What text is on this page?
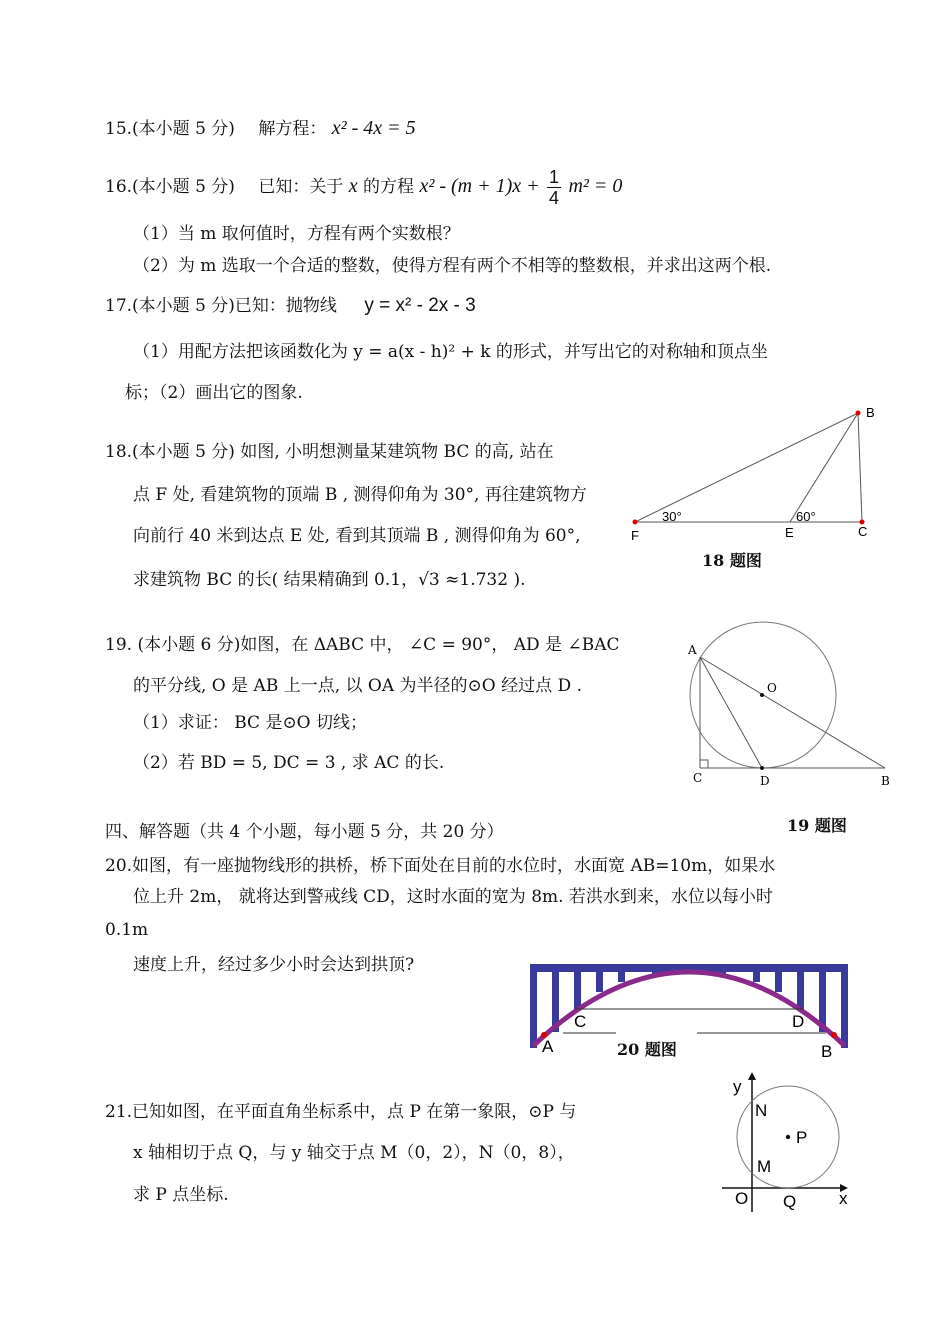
15.(本小题 5 分) 解方程： x² - 4x = 5
16.(本小题 5 分) 已知：关于 x 的方程 $x^2 - (m + 1)x + \frac{1}{4} m^2 = 0$
（1）当 m 取何值时，方程有两个实数根？
（2）为 m 选取一个合适的整数，使得方程有两个不相等的整数根，并求出这两个根.
17.(本小题 5 分)已知：抛物线 y = x² - 2x - 3
（1）用配方法把该函数化为 y = a(x - h)² + k 的形式，并写出它的对称轴和顶点坐
标；（2）画出它的图象.
18.(本小题 5 分) 如图, 小明想测量某建筑物 BC 的高, 站在
点 F 处, 看建筑物的顶端 B , 测得仰角为 30°, 再往建筑物方
向前行 40 米到达点 E 处, 看到其顶端 B , 测得仰角为 60°,
求建筑物 BC 的长( 结果精确到 0.1，√3 ≈1.732 ).
B
F	E	C
30°	60°
18 题图
19. (本小题 6 分)如图，在 ΔABC 中， ∠C = 90°， AD 是 ∠BAC
的平分线, O 是 AB 上一点, 以 OA 为半径的⊙O 经过点 D .
（1）求证： BC 是⊙O 切线；
（2）若 BD = 5, DC = 3 , 求 AC 的长.
A
O
C	D	B
19 题图
四、解答题（共 4 个小题，每小题 5 分，共 20 分）
20.如图，有一座抛物线形的拱桥，桥下面处在目前的水位时，水面宽 AB=10m，如果水
位上升 2m， 就将达到警戒线 CD，这时水面的宽为 8m. 若洪水到来，水位以每小时
0.1m
速度上升，经过多少小时会达到拱顶?
C	D
A	B
20 题图
21.已知如图，在平面直角坐标系中，点 P 在第一象限，⊙P 与
x 轴相切于点 Q，与 y 轴交于点 M（0，2），N（0，8），
求 P 点坐标.
y
x
N
P
M
O Q
